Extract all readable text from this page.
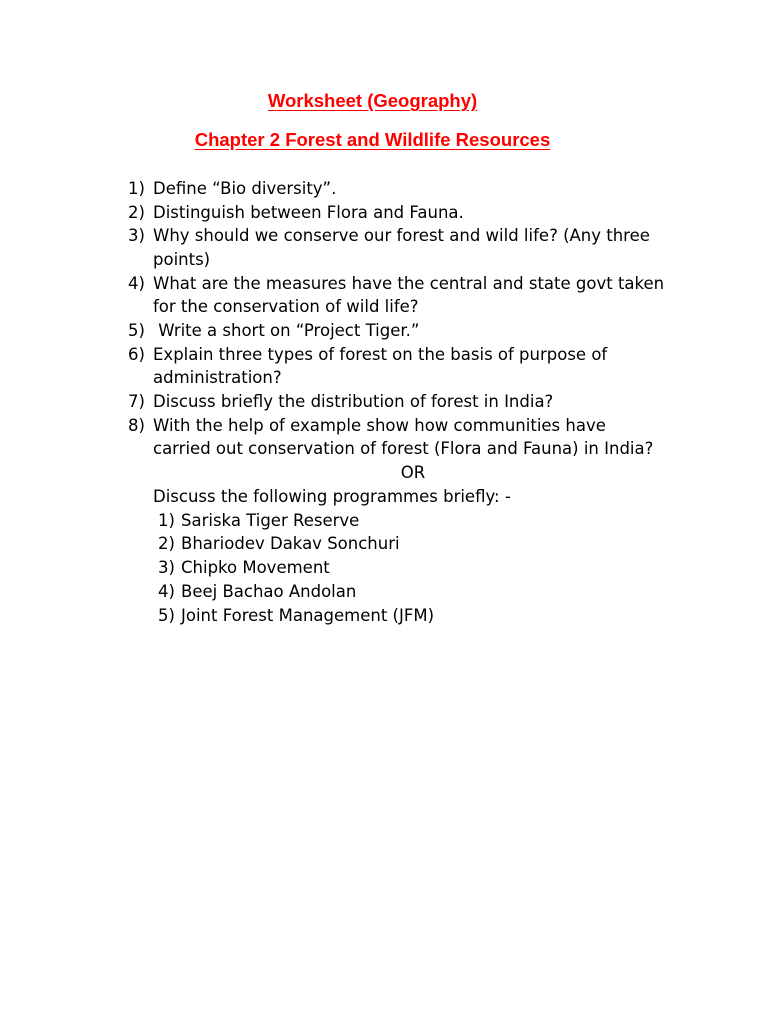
Worksheet (Geography)
Chapter 2 Forest and Wildlife Resources
1) Define “Bio diversity”.
2) Distinguish between Flora and Fauna.
3) Why should we conserve our forest and wild life? (Any three
points)
4) What are the measures have the central and state govt taken
for the conservation of wild life?
5) Write a short on “Project Tiger.”
6) Explain three types of forest on the basis of purpose of
administration?
7) Discuss briefly the distribution of forest in India?
8) With the help of example show how communities have
carried out conservation of forest (Flora and Fauna) in India?
OR
Discuss the following programmes briefly: -
1) Sariska Tiger Reserve
2) Bhariodev Dakav Sonchuri
3) Chipko Movement
4) Beej Bachao Andolan
5) Joint Forest Management (JFM)
